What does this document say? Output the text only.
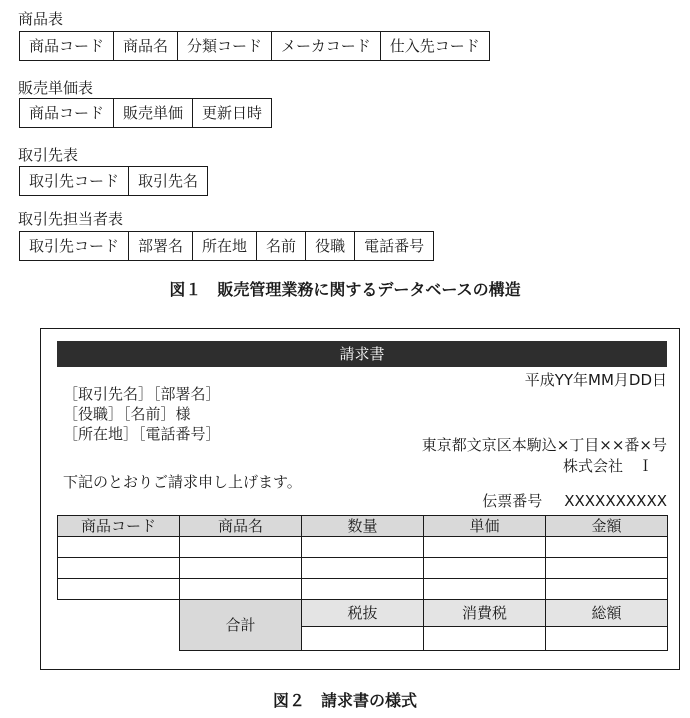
商品表
商品コード	商品名	分類コード	メーカコード	仕入先コード
販売単価表
商品コード	販売単価	更新日時
取引先表
取引先コード	取引先名
取引先担当者表
取引先コード	部署名	所在地	名前	役職	電話番号
図１　販売管理業務に関するデータベースの構造
請求書
平成YY年MM月DD日
［取引先名］［部署名］
［役職］［名前］様
［所在地］［電話番号］
東京都文京区本駒込×丁目××番×号
株式会社　Ｉ
下記のとおりご請求申し上げます。
伝票番号 XXXXXXXXXX
商品コード	商品名	数量	単価	金額

	合計	税抜	消費税	総額

図２　請求書の様式
